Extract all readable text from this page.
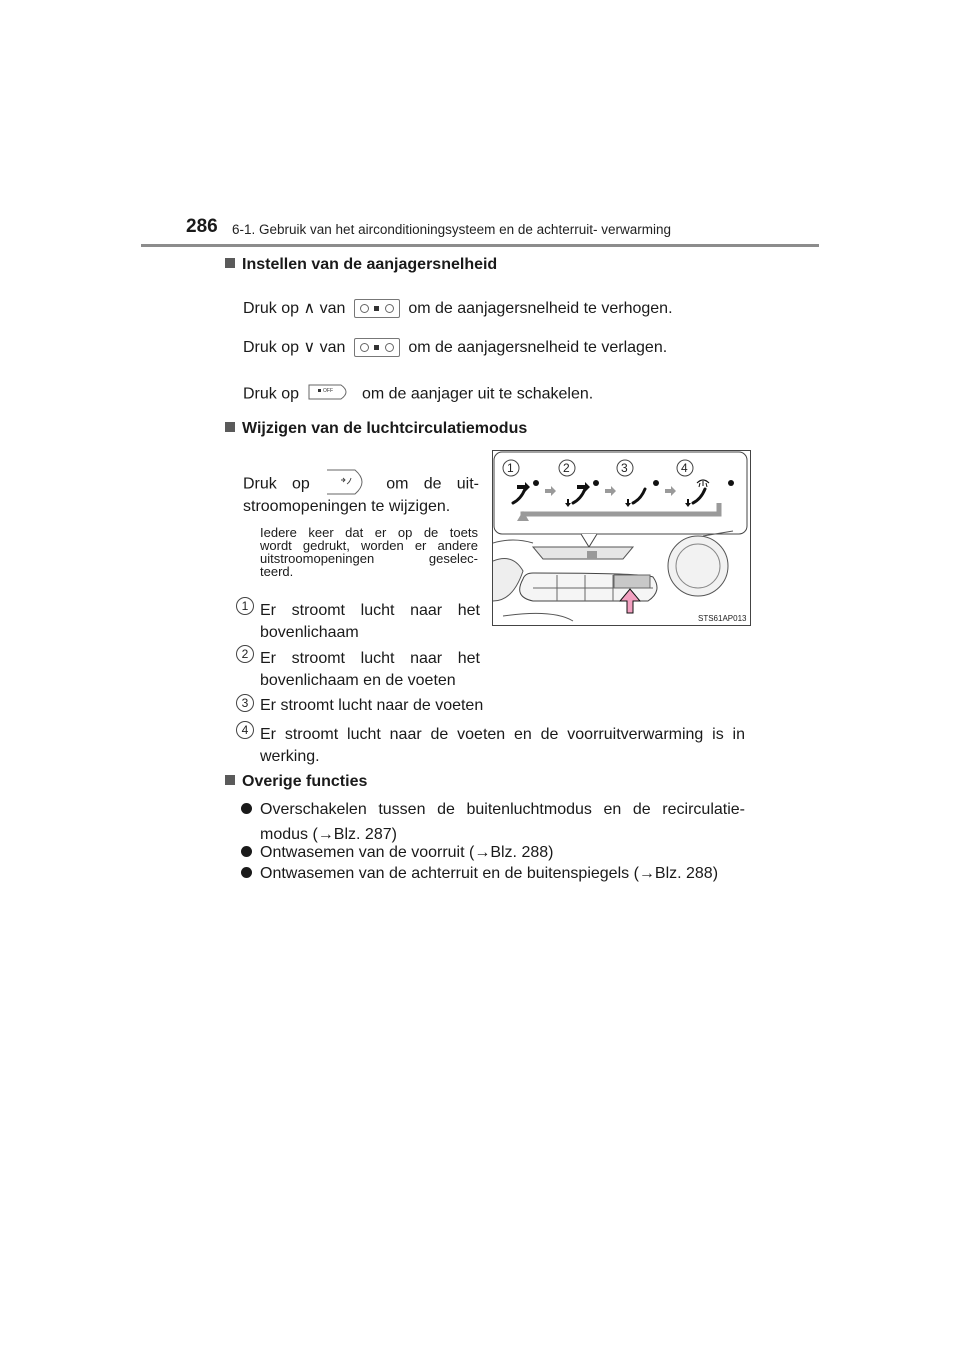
286 6-1. Gebruik van het airconditioningsysteem en de achterruit- verwarming
Instellen van de aanjagersnelheid
Druk op ∧ van	om de aanjagersnelheid te verhogen.
Druk op ∨ van	om de aanjagersnelheid te verlagen.
Druk op	OFF om de aanjager uit te schakelen.
Wijzigen van de luchtcirculatiemodus
Druk op	om de uit-
stroomopeningen te wijzigen.
Iedere keer dat er op de toets
wordt gedrukt, worden er andere
uitstroomopeningen geselec-
teerd.
1 Er stroomt lucht naar het
bovenlichaam
2 Er stroomt lucht naar het
bovenlichaam en de voeten
3 Er stroomt lucht naar de voeten
4 Er stroomt lucht naar de voeten en de voorruitverwarming is in
werking.
1	2	3	4
STS61AP013
Overige functies
Overschakelen tussen de buitenluchtmodus en de recirculatie-
modus (→Blz. 287)
Ontwasemen van de voorruit (→Blz. 288)
Ontwasemen van de achterruit en de buitenspiegels (→Blz. 288)
